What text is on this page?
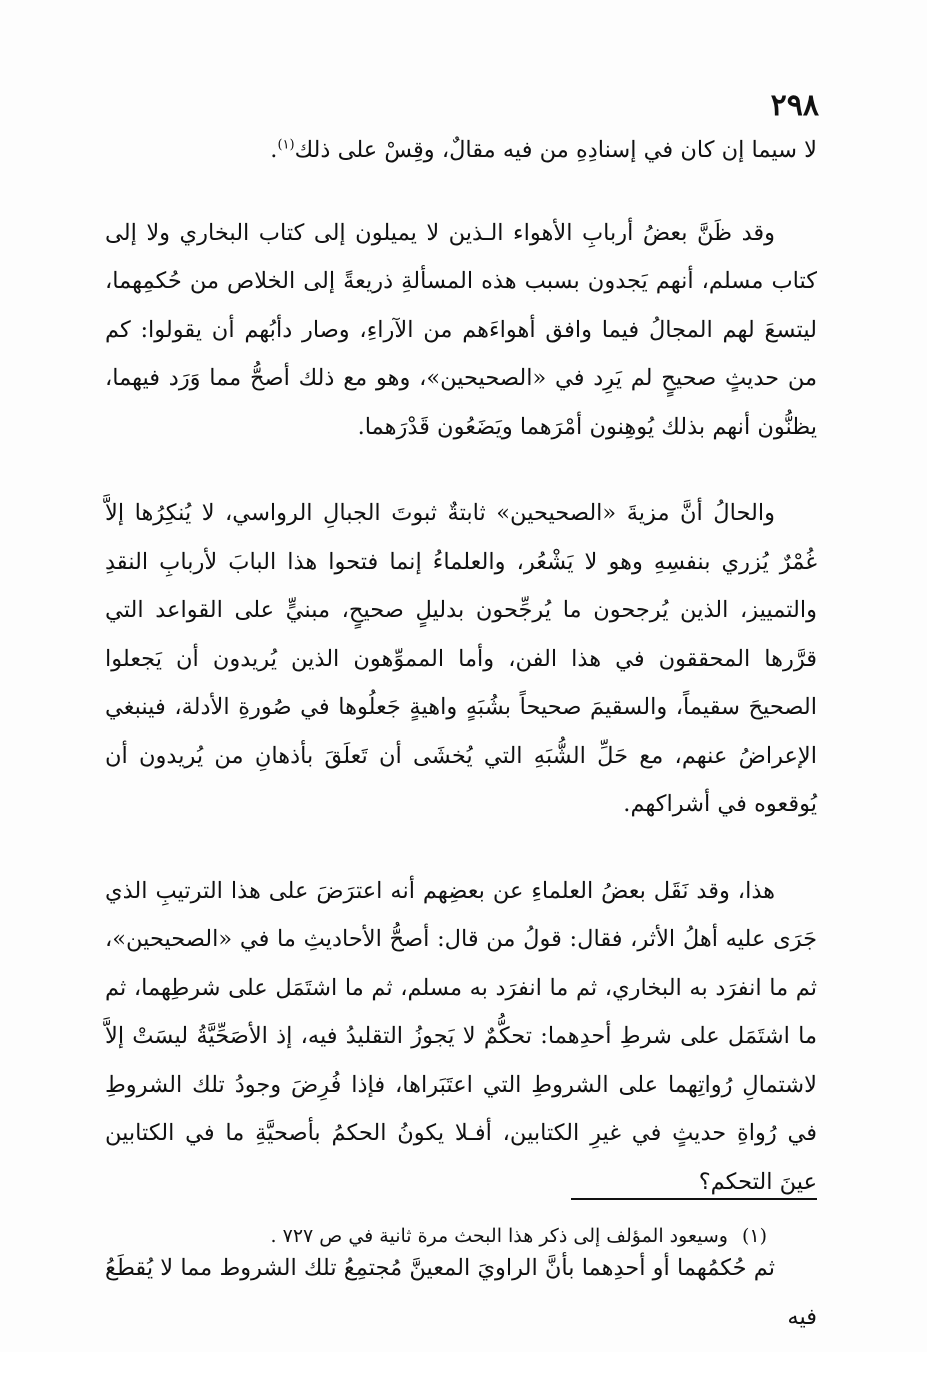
٢٩٨

لا سيما إن كان في إسنادِهِ من فيه مقالٌ، وقِسْ على ذلك$^{(١)}$.

وقد ظَنَّ بعضُ أربابِ الأهواء الـذين لا يميلون إلى كتاب البخاري ولا إلى كتاب مسلم، أنهم يَجدون بسبب هذه المسألةِ ذريعةً إلى الخلاص من حُكمِهما، ليتسعَ لهم المجالُ فيما وافق أهواءَهم من الآراءِ، وصار دأبُهم أن يقولوا: كم من حديثٍ صحيحٍ لم يَرِد في «الصحيحين»، وهو مع ذلك أصحُّ مما وَرَد فيهما، يظنُّون أنهم بذلك يُوهِنون أمْرَهما ويَضَعُون قَدْرَهما.

والحالُ أنَّ مزيةَ «الصحيحين» ثابتةٌ ثبوتَ الجبالِ الرواسي، لا يُنكِرُها إلاَّ غُمْرٌ يُزري بنفسِهِ وهو لا يَشْعُر، والعلماءُ إنما فتحوا هذا البابَ لأربابِ النقدِ والتمييز، الذين يُرجحون ما يُرجِّحون بدليلٍ صحيحٍ، مبنيٍّ على القواعد التي قرَّرها المحققون في هذا الفن، وأما المموِّهون الذين يُريدون أن يَجعلوا الصحيحَ سقيماً، والسقيمَ صحيحاً بشُبَهٍ واهيةٍ جَعلُوها في صُورةِ الأدلة، فينبغي الإعراضُ عنهم، مع حَلِّ الشُّبَهِ التي يُخشَى أن تَعلَقَ بأذهانِ من يُريدون أن يُوقعوه في أشراكهم.

هذا، وقد نَقَل بعضُ العلماءِ عن بعضِهم أنه اعترَضَ على هذا الترتيبِ الذي جَرَى عليه أهلُ الأثر، فقال: قولُ من قال: أصحُّ الأحاديثِ ما في «الصحيحين»، ثم ما انفرَد به البخاري، ثم ما انفرَد به مسلم، ثم ما اشتَمَل على شرطِهما، ثم ما اشتَمَل على شرطِ أحدِهما: تحكُّمٌ لا يَجوزُ التقليدُ فيه، إذ الأصَحِّيَّةُ ليسَتْ إلاَّ لاشتمالِ رُواتِهما على الشروطِ التي اعتَبَراها، فإذا فُرِضَ وجودُ تلك الشروطِ في رُواةِ حديثٍ في غيرِ الكتابين، أفـلا يكونُ الحكمُ بأصحيَّةِ ما في الكتابين عينَ التحكم؟

ثم حُكمُهما أو أحدِهما بأنَّ الراويَ المعينَّ مُجتمِعُ تلك الشروط مما لا يُقطَعُ فيه

(١)وسيعود المؤلف إلى ذكر هذا البحث مرة ثانية في ص ٧٢٧ .
